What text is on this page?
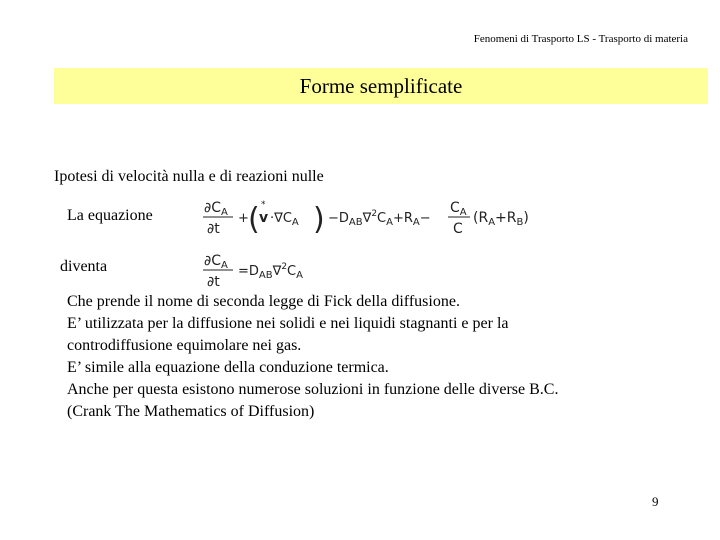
Fenomeni di Trasporto LS - Trasporto di materia
Forme semplificate
Ipotesi di velocità nulla e di reazioni nulle
La equazione	$\partial C_A$
∂t
+ ( v
*
$\cdot\nabla C_A$ ) $-D_{AB}\nabla^2C_A+R_A-$
$C_A$
C
$(R_A+R_B)$
diventa	$\partial C_A$
∂t
$=D_{AB}\nabla^2C_A$
Che prende il nome di seconda legge di Fick della diffusione.
E’ utilizzata per la diffusione nei solidi e nei liquidi stagnanti e per la
controdiffusione equimolare nei gas.
E’ simile alla equazione della conduzione termica.
Anche per questa esistono numerose soluzioni in funzione delle diverse B.C.
(Crank The Mathematics of Diffusion)
9
